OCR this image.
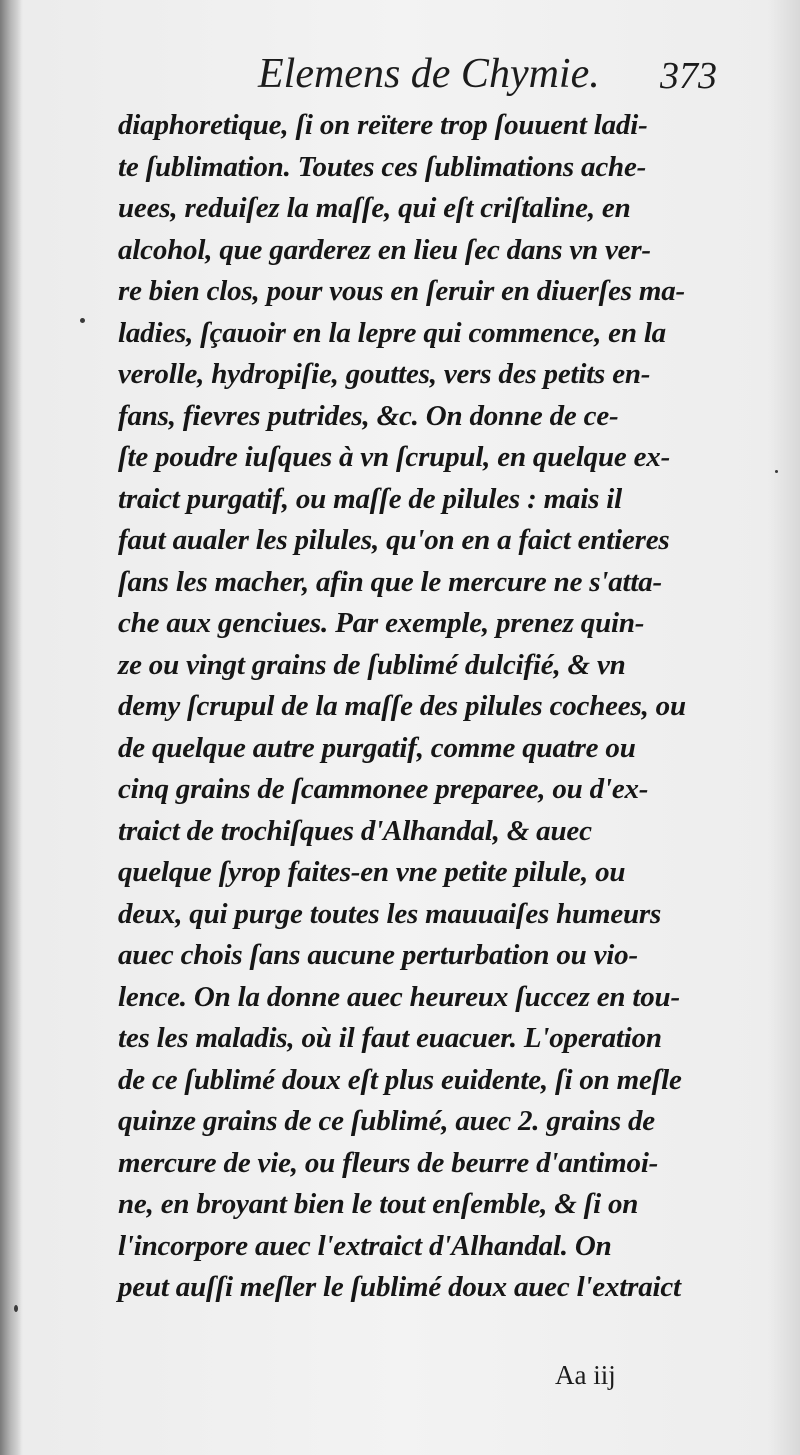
Elemens de Chymie. 373
diaphoretique, ſi on reïtere trop ſouuent ladi-
te ſublimation. Toutes ces ſublimations ache-
uees, reduiſez la maſſe, qui eſt criſtaline, en
alcohol, que garderez en lieu ſec dans vn ver-
re bien clos, pour vous en ſeruir en diuerſes ma-
ladies, ſçauoir en la lepre qui commence, en la
verolle, hydropiſie, gouttes, vers des petits en-
fans, fievres putrides, &c. On donne de ce-
ſte poudre iuſques à vn ſcrupul, en quelque ex-
traict purgatif, ou maſſe de pilules : mais il
faut aualer les pilules, qu'on en a faict entieres
ſans les macher, afin que le mercure ne s'atta-
che aux genciues. Par exemple, prenez quin-
ze ou vingt grains de ſublimé dulcifié, & vn
demy ſcrupul de la maſſe des pilules cochees, ou
de quelque autre purgatif, comme quatre ou
cinq grains de ſcammonee preparee, ou d'ex-
traict de trochiſques d'Alhandal, & auec
quelque ſyrop faites-en vne petite pilule, ou
deux, qui purge toutes les mauuaiſes humeurs
auec chois ſans aucune perturbation ou vio-
lence. On la donne auec heureux ſuccez en tou-
tes les maladis, où il faut euacuer. L'operation
de ce ſublimé doux eſt plus euidente, ſi on meſle
quinze grains de ce ſublimé, auec 2. grains de
mercure de vie, ou fleurs de beurre d'antimoi-
ne, en broyant bien le tout enſemble, & ſi on
l'incorpore auec l'extraict d'Alhandal. On
peut auſſi meſler le ſublimé doux auec l'extraict
Aa iij
